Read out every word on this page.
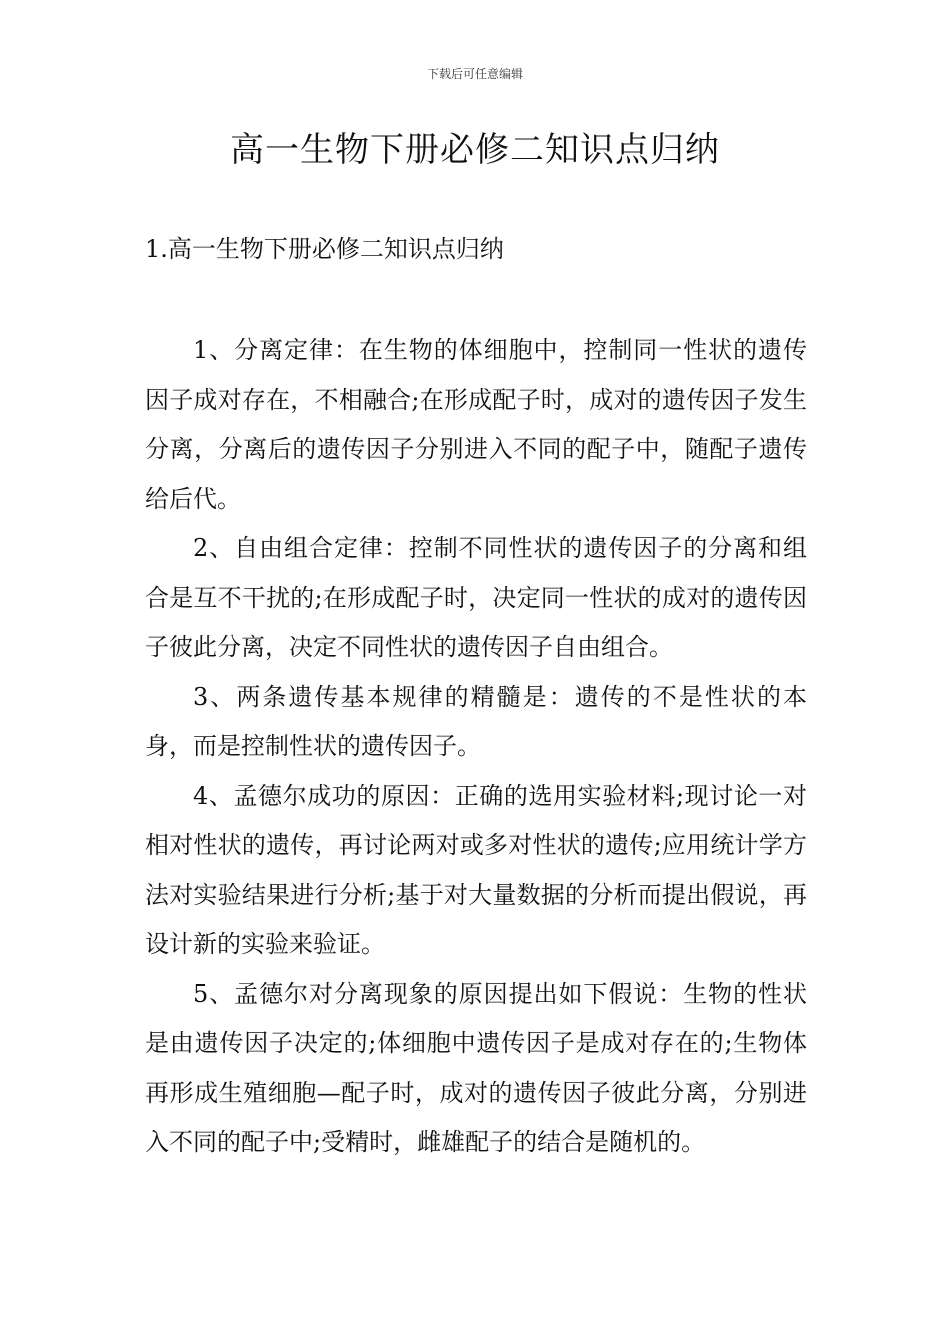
下载后可任意编辑
高一生物下册必修二知识点归纳
1.高一生物下册必修二知识点归纳

1、分离定律：在生物的体细胞中，控制同一性状的遗传因子成对存在，不相融合;在形成配子时，成对的遗传因子发生分离，分离后的遗传因子分别进入不同的配子中，随配子遗传给后代。

2、自由组合定律：控制不同性状的遗传因子的分离和组合是互不干扰的;在形成配子时，决定同一性状的成对的遗传因子彼此分离，决定不同性状的遗传因子自由组合。

3、两条遗传基本规律的精髓是：遗传的不是性状的本身，而是控制性状的遗传因子。

4、孟德尔成功的原因：正确的选用实验材料;现讨论一对相对性状的遗传，再讨论两对或多对性状的遗传;应用统计学方法对实验结果进行分析;基于对大量数据的分析而提出假说，再设计新的实验来验证。

5、孟德尔对分离现象的原因提出如下假说：生物的性状是由遗传因子决定的;体细胞中遗传因子是成对存在的;生物体再形成生殖细胞—配子时，成对的遗传因子彼此分离，分别进入不同的配子中;受精时，雌雄配子的结合是随机的。
